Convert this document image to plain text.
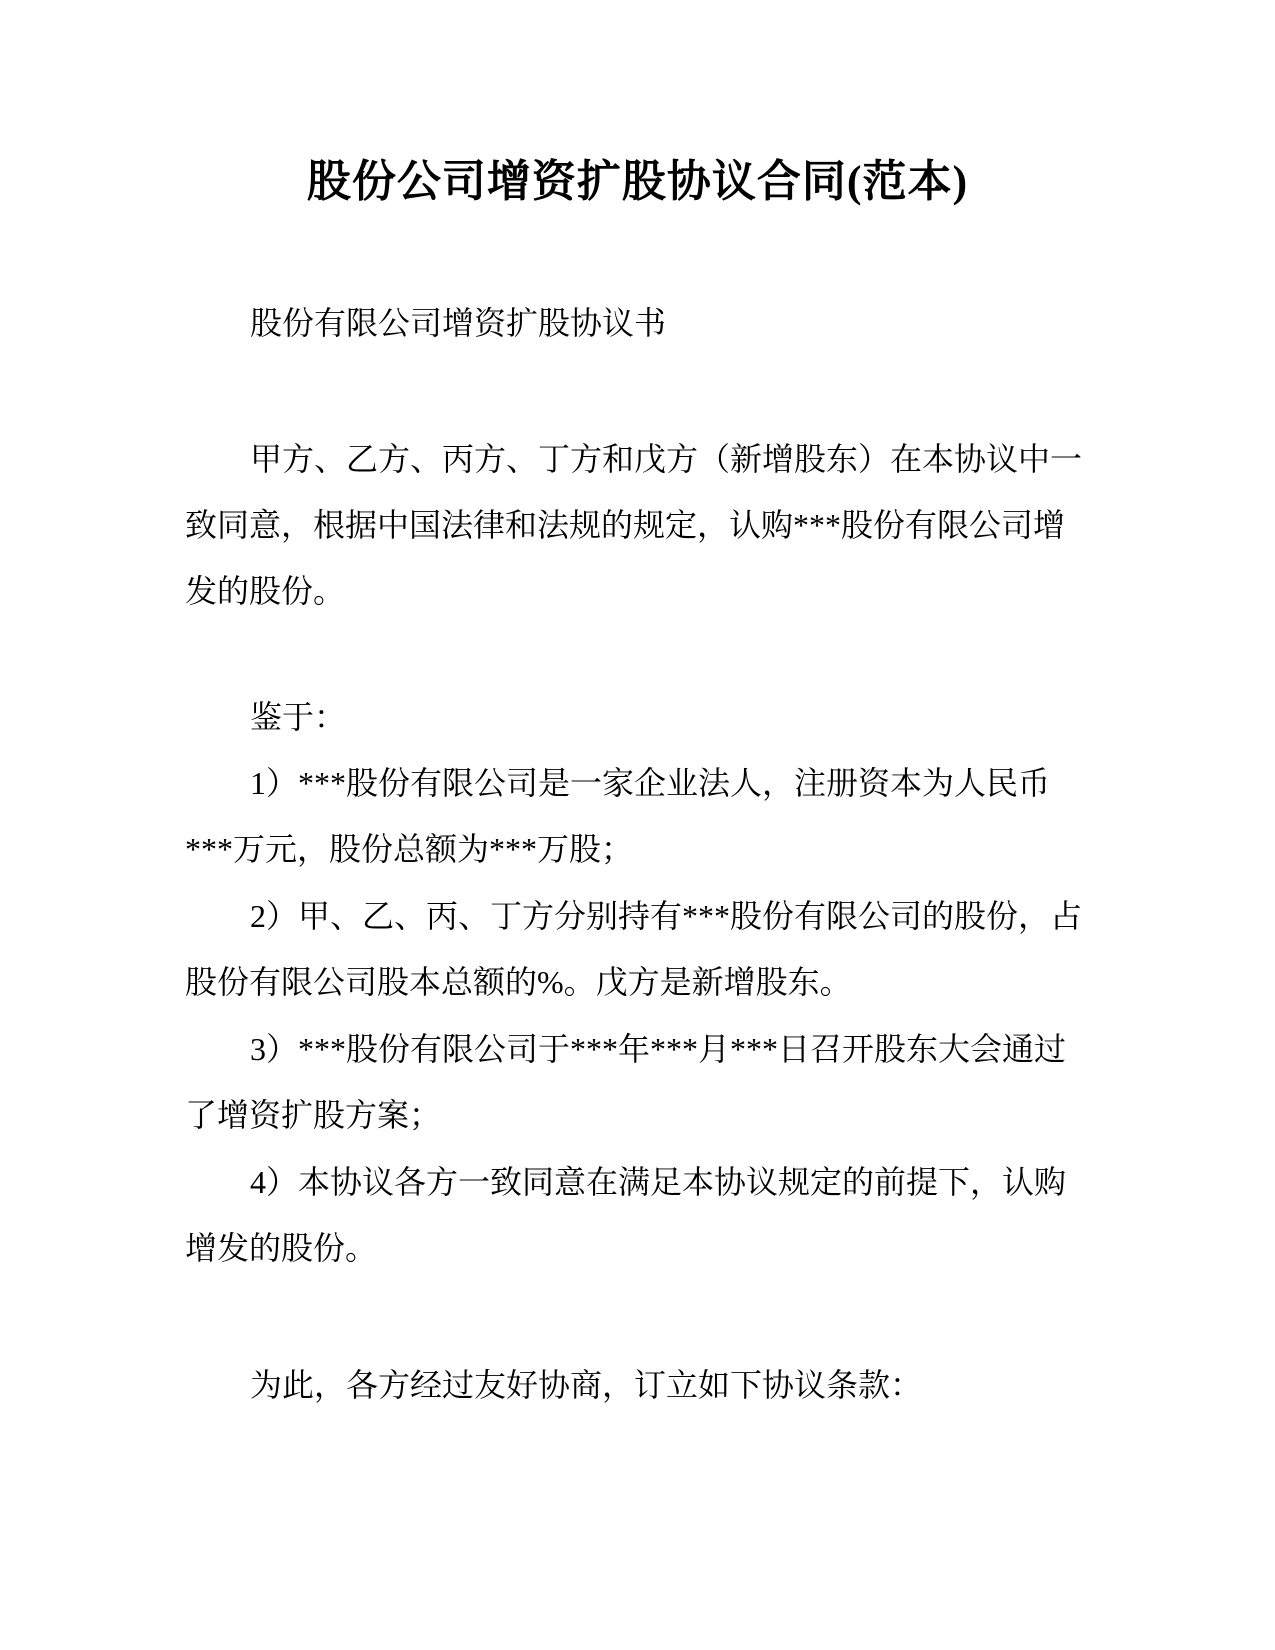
股份公司增资扩股协议合同(范本)

股份有限公司增资扩股协议书

甲方、乙方、丙方、丁方和戊方（新增股东）在本协议中一致同意，根据中国法律和法规的规定，认购***股份有限公司增发的股份。

鉴于：

1）***股份有限公司是一家企业法人，注册资本为人民币***万元，股份总额为***万股；

2）甲、乙、丙、丁方分别持有***股份有限公司的股份，占股份有限公司股本总额的%。戊方是新增股东。

3）***股份有限公司于***年***月***日召开股东大会通过了增资扩股方案；

4）本协议各方一致同意在满足本协议规定的前提下，认购增发的股份。

为此，各方经过友好协商，订立如下协议条款：
